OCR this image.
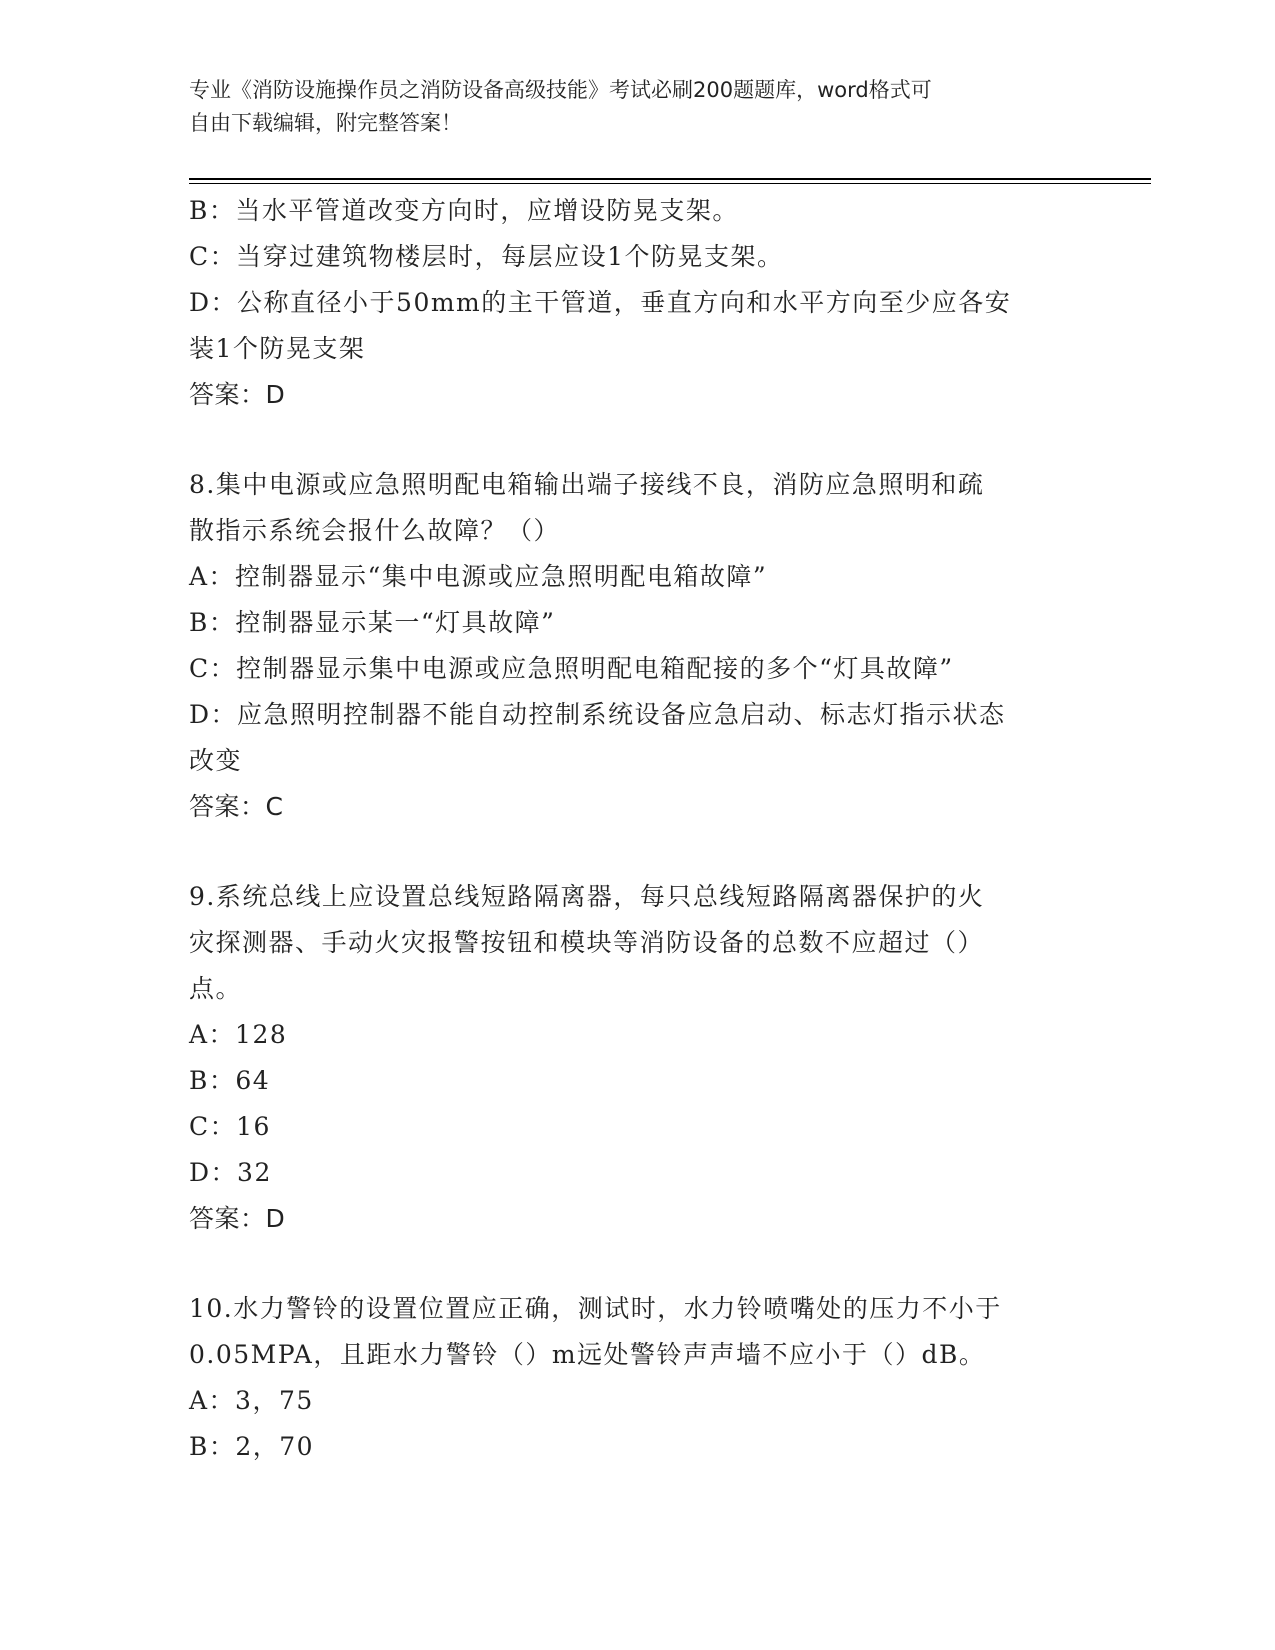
专业《消防设施操作员之消防设备高级技能》考试必刷200题题库，word格式可
自由下载编辑，附完整答案！
B：当水平管道改变方向时，应增设防晃支架。
C：当穿过建筑物楼层时，每层应设1个防晃支架。
D：公称直径小于50mm的主干管道，垂直方向和水平方向至少应各安
装1个防晃支架
答案：D
8.集中电源或应急照明配电箱输出端子接线不良，消防应急照明和疏
散指示系统会报什么故障？（）
A：控制器显示“集中电源或应急照明配电箱故障”
B：控制器显示某一“灯具故障”
C：控制器显示集中电源或应急照明配电箱配接的多个“灯具故障”
D：应急照明控制器不能自动控制系统设备应急启动、标志灯指示状态
改变
答案：C
9.系统总线上应设置总线短路隔离器，每只总线短路隔离器保护的火
灾探测器、手动火灾报警按钮和模块等消防设备的总数不应超过（）
点。
A：128
B：64
C：16
D：32
答案：D
10.水力警铃的设置位置应正确，测试时，水力铃喷嘴处的压力不小于
0.05MPA，且距水力警铃（）m远处警铃声声墙不应小于（）dB。
A：3，75
B：2，70
